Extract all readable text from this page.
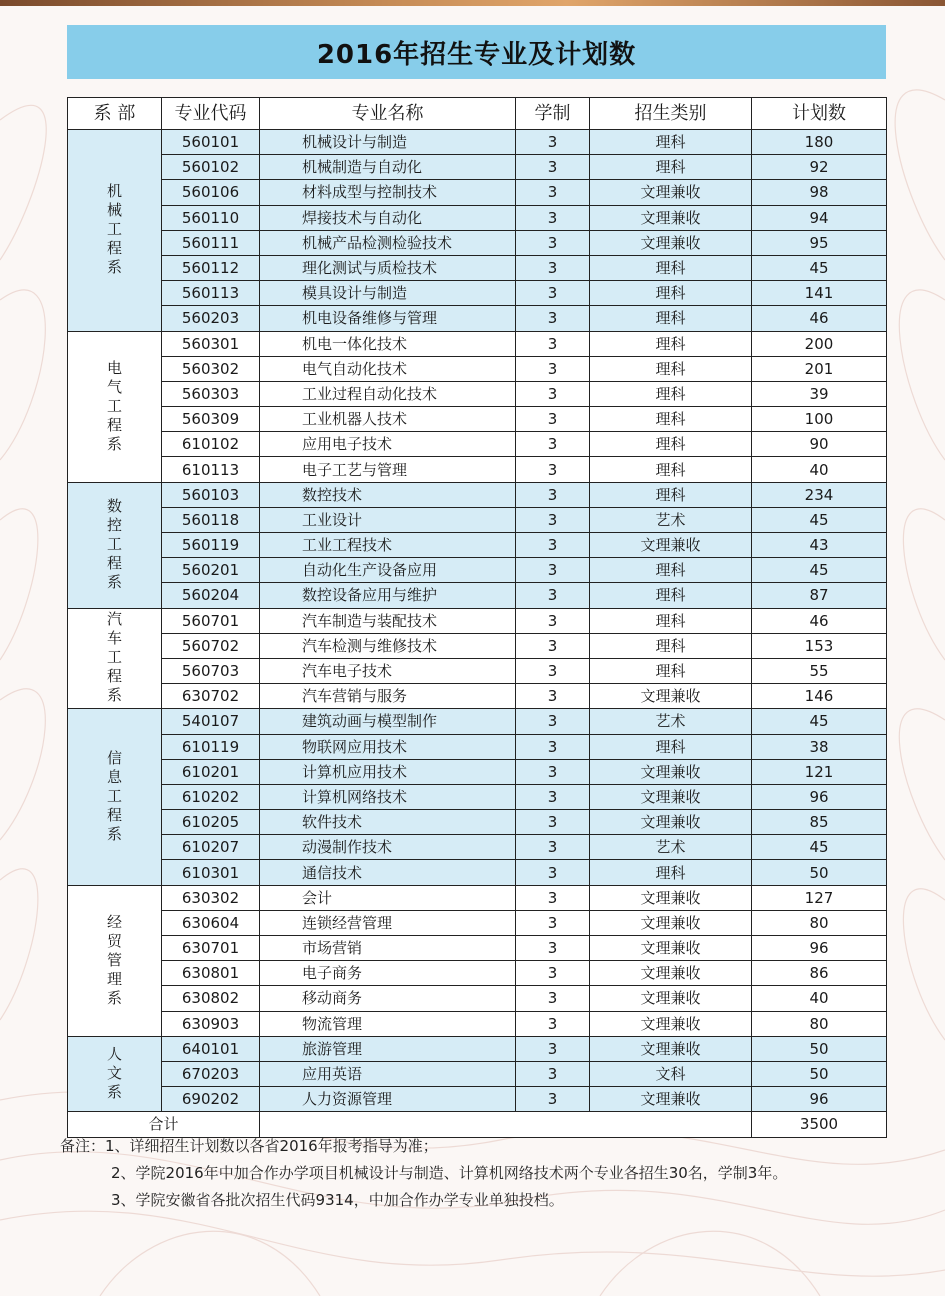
2016年招生专业及计划数
系 部	专业代码	专业名称	学制	招生类别	计划数
机械工程系	560101	机械设计与制造	3	理科	180
	560102	机械制造与自动化	3	理科	92
	560106	材料成型与控制技术	3	文理兼收	98
	560110	焊接技术与自动化	3	文理兼收	94
	560111	机械产品检测检验技术	3	文理兼收	95
	560112	理化测试与质检技术	3	理科	45
	560113	模具设计与制造	3	理科	141
	560203	机电设备维修与管理	3	理科	46
电气工程系	560301	机电一体化技术	3	理科	200
	560302	电气自动化技术	3	理科	201
	560303	工业过程自动化技术	3	理科	39
	560309	工业机器人技术	3	理科	100
	610102	应用电子技术	3	理科	90
	610113	电子工艺与管理	3	理科	40
数控工程系	560103	数控技术	3	理科	234
	560118	工业设计	3	艺术	45
	560119	工业工程技术	3	文理兼收	43
	560201	自动化生产设备应用	3	理科	45
	560204	数控设备应用与维护	3	理科	87
汽车工程系	560701	汽车制造与装配技术	3	理科	46
	560702	汽车检测与维修技术	3	理科	153
	560703	汽车电子技术	3	理科	55
	630702	汽车营销与服务	3	文理兼收	146
信息工程系	540107	建筑动画与模型制作	3	艺术	45
	610119	物联网应用技术	3	理科	38
	610201	计算机应用技术	3	文理兼收	121
	610202	计算机网络技术	3	文理兼收	96
	610205	软件技术	3	文理兼收	85
	610207	动漫制作技术	3	艺术	45
	610301	通信技术	3	理科	50
经贸管理系	630302	会计	3	文理兼收	127
	630604	连锁经营管理	3	文理兼收	80
	630701	市场营销	3	文理兼收	96
	630801	电子商务	3	文理兼收	86
	630802	移动商务	3	文理兼收	40
	630903	物流管理	3	文理兼收	80
人文系	640101	旅游管理	3	文理兼收	50
	670203	应用英语	3	文科	50
	690202	人力资源管理	3	文理兼收	96
合计					3500
备注：1、详细招生计划数以各省2016年报考指导为准；
2、学院2016年中加合作办学项目机械设计与制造、计算机网络技术两个专业各招生30名，学制3年。
3、学院安徽省各批次招生代码9314，中加合作办学专业单独投档。
